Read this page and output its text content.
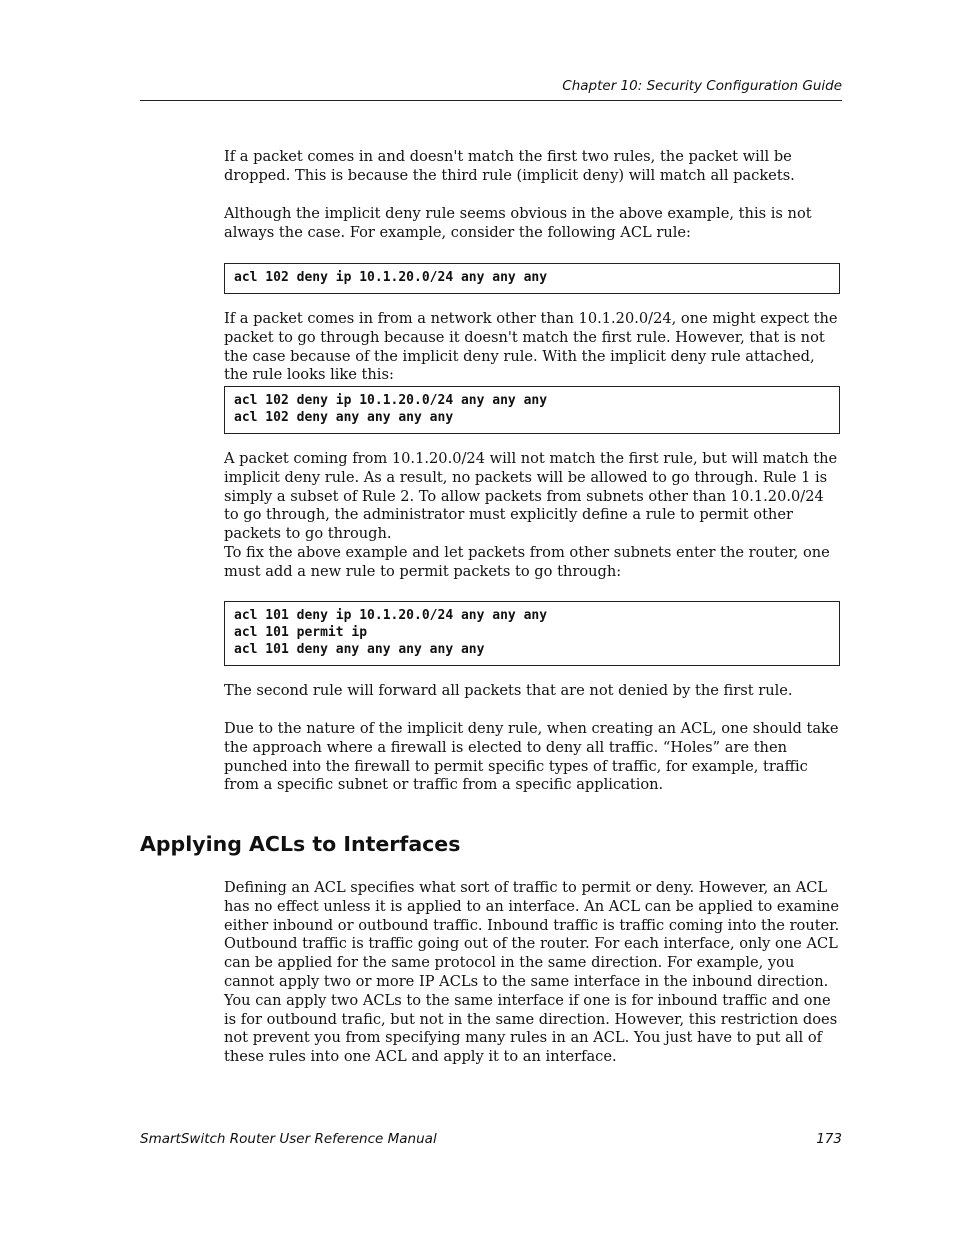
Chapter 10: Security Configuration Guide

If a packet comes in and doesn't match the first two rules, the packet will be dropped. This is because the third rule (implicit deny) will match all packets.

Although the implicit deny rule seems obvious in the above example, this is not always the case. For example, consider the following ACL rule:

acl 102 deny ip 10.1.20.0/24 any any any

If a packet comes in from a network other than 10.1.20.0/24, one might expect the packet to go through because it doesn't match the first rule. However, that is not the case because of the implicit deny rule. With the implicit deny rule attached, the rule looks like this:

acl 102 deny ip 10.1.20.0/24 any any any
acl 102 deny any any any any

A packet coming from 10.1.20.0/24 will not match the first rule, but will match the implicit deny rule. As a result, no packets will be allowed to go through. Rule 1 is simply a subset of Rule 2. To allow packets from subnets other than 10.1.20.0/24 to go through, the administrator must explicitly define a rule to permit other packets to go through.

To fix the above example and let packets from other subnets enter the router, one must add a new rule to permit packets to go through:

acl 101 deny ip 10.1.20.0/24 any any any
acl 101 permit ip
acl 101 deny any any any any any

The second rule will forward all packets that are not denied by the first rule.

Due to the nature of the implicit deny rule, when creating an ACL, one should take the approach where a firewall is elected to deny all traffic. “Holes” are then punched into the firewall to permit specific types of traffic, for example, traffic from a specific subnet or traffic from a specific application.

Applying ACLs to Interfaces

Defining an ACL specifies what sort of traffic to permit or deny. However, an ACL has no effect unless it is applied to an interface. An ACL can be applied to examine either inbound or outbound traffic. Inbound traffic is traffic coming into the router. Outbound traffic is traffic going out of the router. For each interface, only one ACL can be applied for the same protocol in the same direction. For example, you cannot apply two or more IP ACLs to the same interface in the inbound direction. You can apply two ACLs to the same interface if one is for inbound traffic and one is for outbound trafic, but not in the same direction. However, this restriction does not prevent you from specifying many rules in an ACL. You just have to put all of these rules into one ACL and apply it to an interface.

SmartSwitch Router User Reference Manual	173
